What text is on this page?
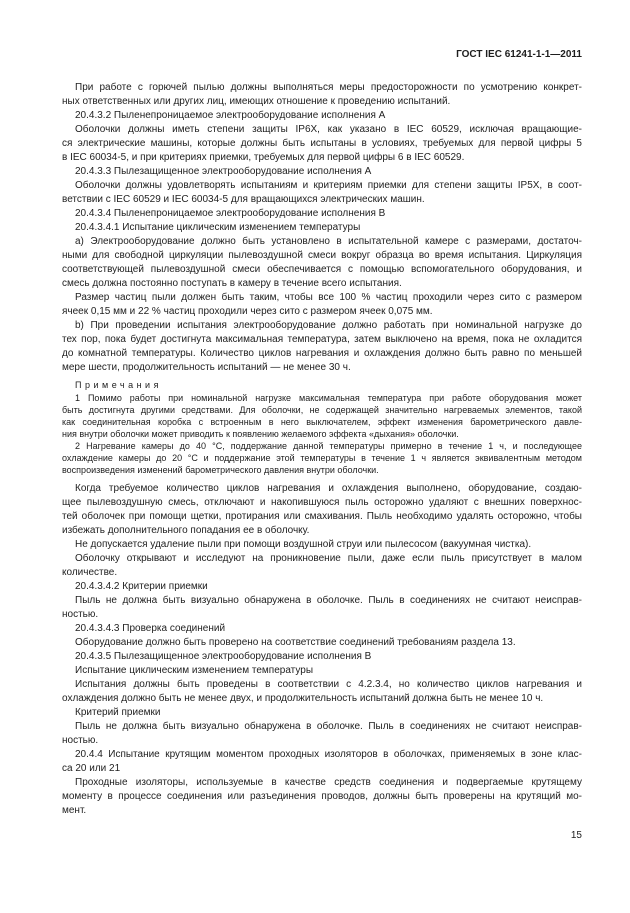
ГОСТ IEC 61241-1-1—2011
При работе с горючей пылью должны выполняться меры предосторожности по усмотрению конкрет-
ных ответственных или других лиц, имеющих отношение к проведению испытаний.
20.4.3.2 Пыленепроницаемое электрооборудование исполнения А
Оболочки должны иметь степени защиты IP6X, как указано в IEC 60529, исключая вращающие-
ся электрические машины, которые должны быть испытаны в условиях, требуемых для первой цифры 5
в IEC 60034-5, и при критериях приемки, требуемых для первой цифры 6 в IEC 60529.
20.4.3.3 Пылезащищенное электрооборудование исполнения А
Оболочки должны удовлетворять испытаниям и критериям приемки для степени защиты IP5X, в соот-
ветствии с IEC 60529 и IEC 60034-5 для вращающихся электрических машин.
20.4.3.4 Пыленепроницаемое электрооборудование исполнения В
20.4.3.4.1 Испытание циклическим изменением температуры
a) Электрооборудование должно быть установлено в испытательной камере с размерами, достаточ-
ными для свободной циркуляции пылевоздушной смеси вокруг образца во время испытания. Циркуляция
соответствующей пылевоздушной смеси обеспечивается с помощью вспомогательного оборудования, и
смесь должна постоянно поступать в камеру в течение всего испытания.
Размер частиц пыли должен быть таким, чтобы все 100 % частиц проходили через сито с размером
ячеек 0,15 мм и 22 % частиц проходили через сито с размером ячеек 0,075 мм.
b) При проведении испытания электрооборудование должно работать при номинальной нагрузке до
тех пор, пока будет достигнута максимальная температура, затем выключено на время, пока не охладится
до комнатной температуры. Количество циклов нагревания и охлаждения должно быть равно по меньшей
мере шести, продолжительность испытаний — не менее 30 ч.
Примечания
1 Помимо работы при номинальной нагрузке максимальная температура при работе оборудования может
быть достигнута другими средствами. Для оболочки, не содержащей значительно нагреваемых элементов, такой
как соединительная коробка с встроенным в него выключателем, эффект изменения барометрического давле-
ния внутри оболочки может приводить к появлению желаемого эффекта «дыхания» оболочки.
2 Нагревание камеры до 40 °С, поддержание данной температуры примерно в течение 1 ч, и последующее
охлаждение камеры до 20 °С и поддержание этой температуры в течение 1 ч является эквивалентным методом
воспроизведения изменений барометрического давления внутри оболочки.
Когда требуемое количество циклов нагревания и охлаждения выполнено, оборудование, создаю-
щее пылевоздушную смесь, отключают и накопившуюся пыль осторожно удаляют с внешних поверхнос-
тей оболочек при помощи щетки, протирания или смахивания. Пыль необходимо удалять осторожно, чтобы
избежать дополнительного попадания ее в оболочку.
Не допускается удаление пыли при помощи воздушной струи или пылесосом (вакуумная чистка).
Оболочку открывают и исследуют на проникновение пыли, даже если пыль присутствует в малом
количестве.
20.4.3.4.2 Критерии приемки
Пыль не должна быть визуально обнаружена в оболочке. Пыль в соединениях не считают неисправ-
ностью.
20.4.3.4.3 Проверка соединений
Оборудование должно быть проверено на соответствие соединений требованиям раздела 13.
20.4.3.5 Пылезащищенное электрооборудование исполнения В
Испытание циклическим изменением температуры
Испытания должны быть проведены в соответствии с 4.2.3.4, но количество циклов нагревания и
охлаждения должно быть не менее двух, и продолжительность испытаний должна быть не менее 10 ч.
Критерий приемки
Пыль не должна быть визуально обнаружена в оболочке. Пыль в соединениях не считают неисправ-
ностью.
20.4.4 Испытание крутящим моментом проходных изоляторов в оболочках, применяемых в зоне клас-
са 20 или 21
Проходные изоляторы, используемые в качестве средств соединения и подвергаемые крутящему
моменту в процессе соединения или разъединения проводов, должны быть проверены на крутящий мо-
мент.
15
